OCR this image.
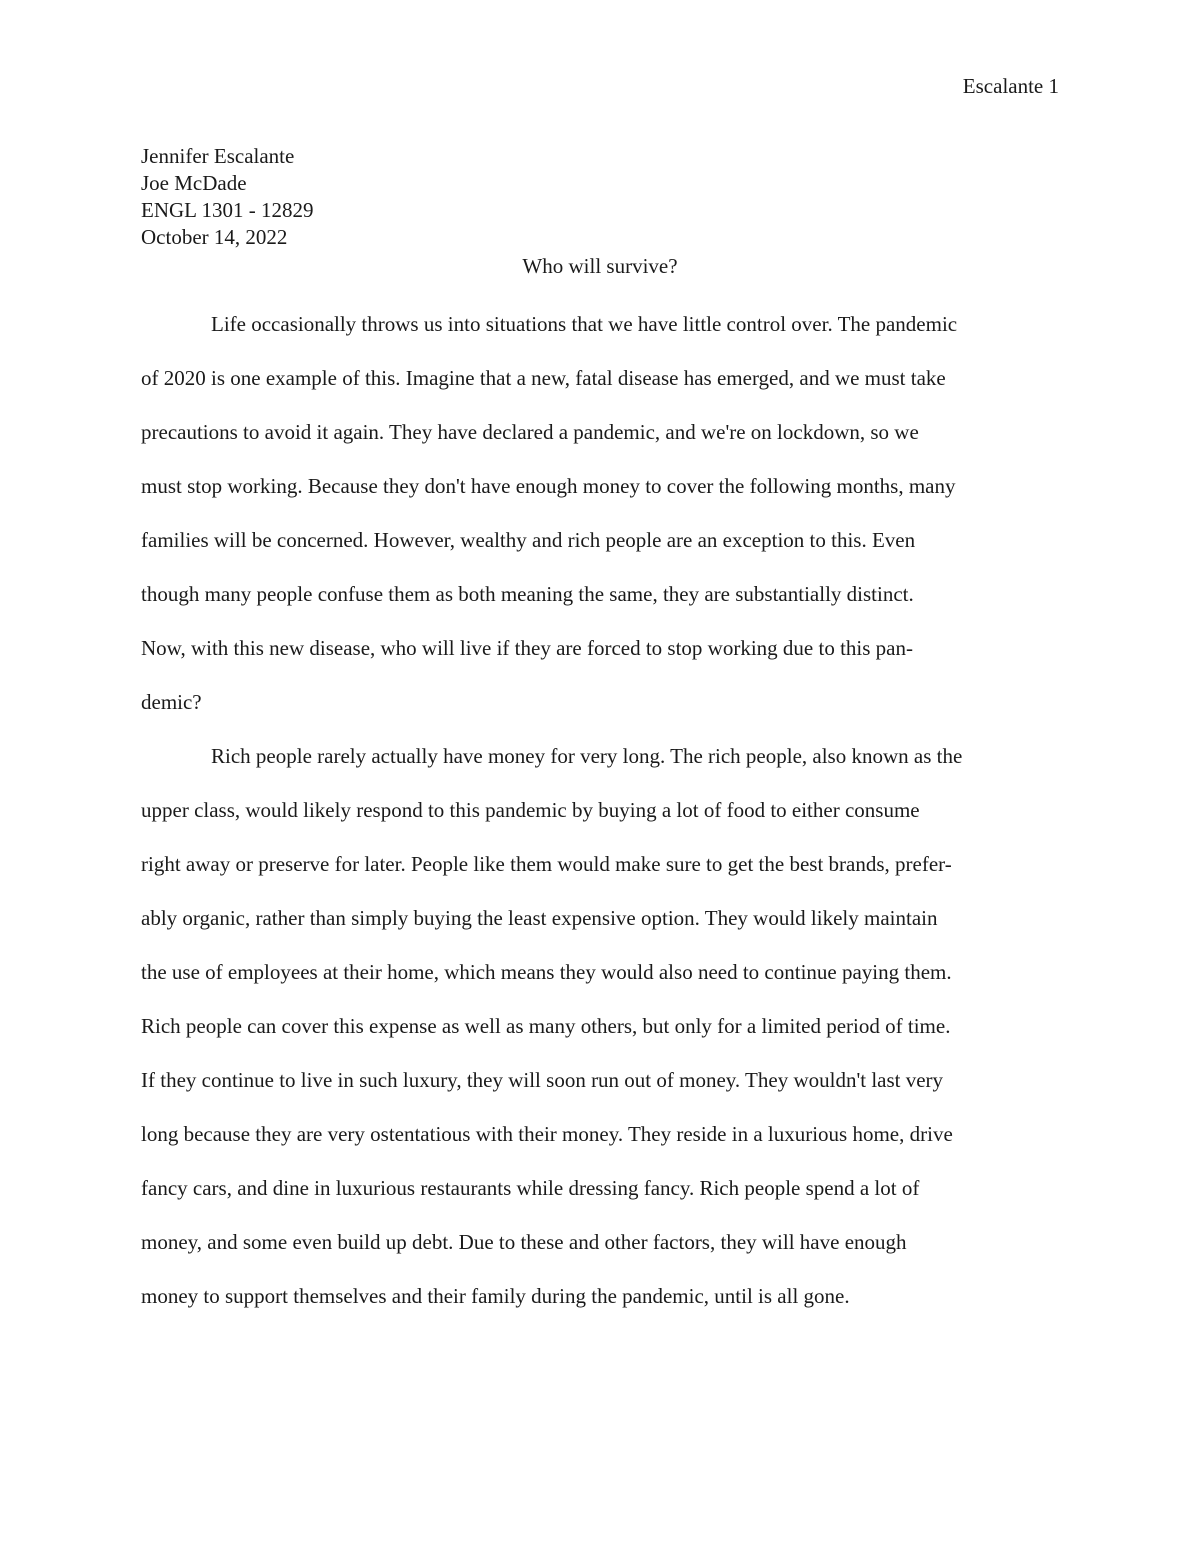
Escalante 1
Jennifer Escalante
Joe McDade
ENGL 1301 - 12829
October 14, 2022
Who will survive?
Life occasionally throws us into situations that we have little control over. The pandemic
of 2020 is one example of this. Imagine that a new, fatal disease has emerged, and we must take
precautions to avoid it again. They have declared a pandemic, and we're on lockdown, so we
must stop working. Because they don't have enough money to cover the following months, many
families will be concerned. However, wealthy and rich people are an exception to this. Even
though many people confuse them as both meaning the same, they are substantially distinct.
Now, with this new disease, who will live if they are forced to stop working due to this pan-
demic?
Rich people rarely actually have money for very long. The rich people, also known as the
upper class, would likely respond to this pandemic by buying a lot of food to either consume
right away or preserve for later. People like them would make sure to get the best brands, prefer-
ably organic, rather than simply buying the least expensive option. They would likely maintain
the use of employees at their home, which means they would also need to continue paying them.
Rich people can cover this expense as well as many others, but only for a limited period of time.
If they continue to live in such luxury, they will soon run out of money. They wouldn't last very
long because they are very ostentatious with their money. They reside in a luxurious home, drive
fancy cars, and dine in luxurious restaurants while dressing fancy. Rich people spend a lot of
money, and some even build up debt. Due to these and other factors, they will have enough
money to support themselves and their family during the pandemic, until is all gone.
